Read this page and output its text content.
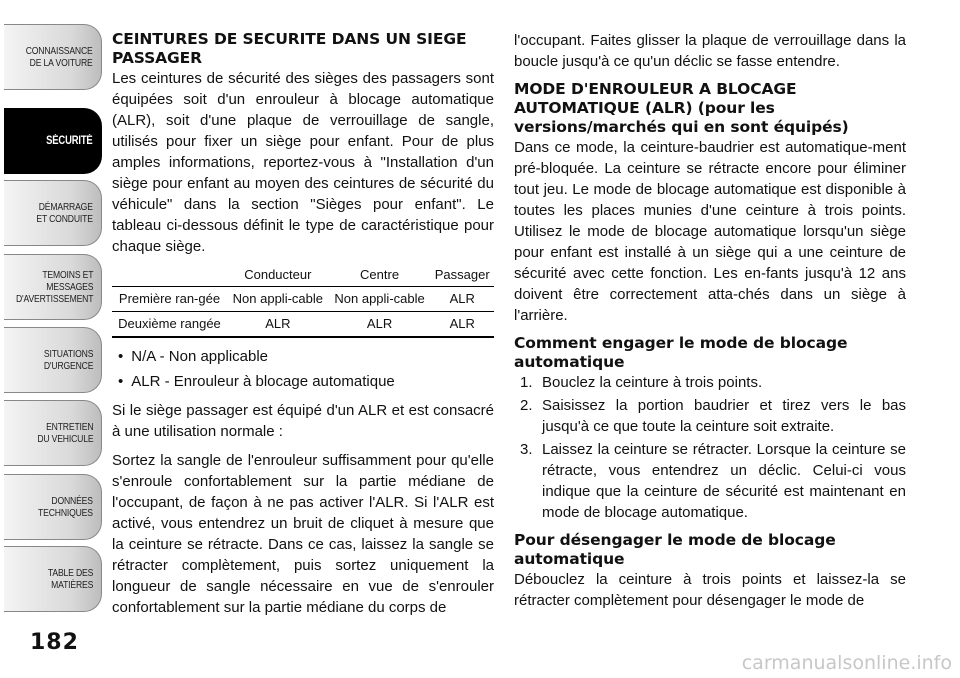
CONNAISSANCE
DE LA VOITURE
SÉCURITÉ
DÉMARRAGE
ET CONDUITE
TEMOINS ET
MESSAGES
D'AVERTISSEMENT
SITUATIONS
D'URGENCE
ENTRETIEN
DU VEHICULE
DONNÉES
TECHNIQUES
TABLE DES
MATIÈRES
182
CEINTURES DE SECURITE DANS UN SIEGE PASSAGER

Les ceintures de sécurité des sièges des passagers sont équipées soit d'un enrouleur à blocage automatique (ALR), soit d'une plaque de verrouillage de sangle, utilisés pour fixer un siège pour enfant. Pour de plus amples informations, reportez-vous à "Installation d'un siège pour enfant au moyen des ceintures de sécurité du véhicule" dans la section "Sièges pour enfant". Le tableau ci-dessous définit le type de caractéristique pour chaque siège.

	Conducteur	Centre	Passager
Première ran-gée	Non appli-cable	Non appli-cable	ALR
Deuxième rangée	ALR	ALR	ALR
• N/A - Non applicable
• ALR - Enrouleur à blocage automatique

Si le siège passager est équipé d'un ALR et est consacré à une utilisation normale :

Sortez la sangle de l'enrouleur suffisamment pour qu'elle s'enroule confortablement sur la partie médiane de l'occupant, de façon à ne pas activer l'ALR. Si l'ALR est activé, vous entendrez un bruit de cliquet à mesure que la ceinture se rétracte. Dans ce cas, laissez la sangle se rétracter complètement, puis sortez uniquement la longueur de sangle nécessaire en vue de s'enrouler confortablement sur la partie médiane du corps de

l'occupant. Faites glisser la plaque de verrouillage dans la boucle jusqu'à ce qu'un déclic se fasse entendre.

MODE D'ENROULEUR A BLOCAGE AUTOMATIQUE (ALR) (pour les versions/marchés qui en sont équipés)

Dans ce mode, la ceinture-baudrier est automatique-ment pré-bloquée. La ceinture se rétracte encore pour éliminer tout jeu. Le mode de blocage automatique est disponible à toutes les places munies d'une ceinture à trois points. Utilisez le mode de blocage automatique lorsqu'un siège pour enfant est installé à un siège qui a une ceinture de sécurité avec cette fonction. Les en-fants jusqu'à 12 ans doivent être correctement atta-chés dans un siège à l'arrière.

Comment engager le mode de blocage automatique
1. Bouclez la ceinture à trois points.
2. Saisissez la portion baudrier et tirez vers le bas jusqu'à ce que toute la ceinture soit extraite.
3. Laissez la ceinture se rétracter. Lorsque la ceinture se rétracte, vous entendrez un déclic. Celui-ci vous indique que la ceinture de sécurité est maintenant en mode de blocage automatique.
Pour désengager le mode de blocage automatique

Débouclez la ceinture à trois points et laissez-la se rétracter complètement pour désengager le mode de

carmanualsonline.info
